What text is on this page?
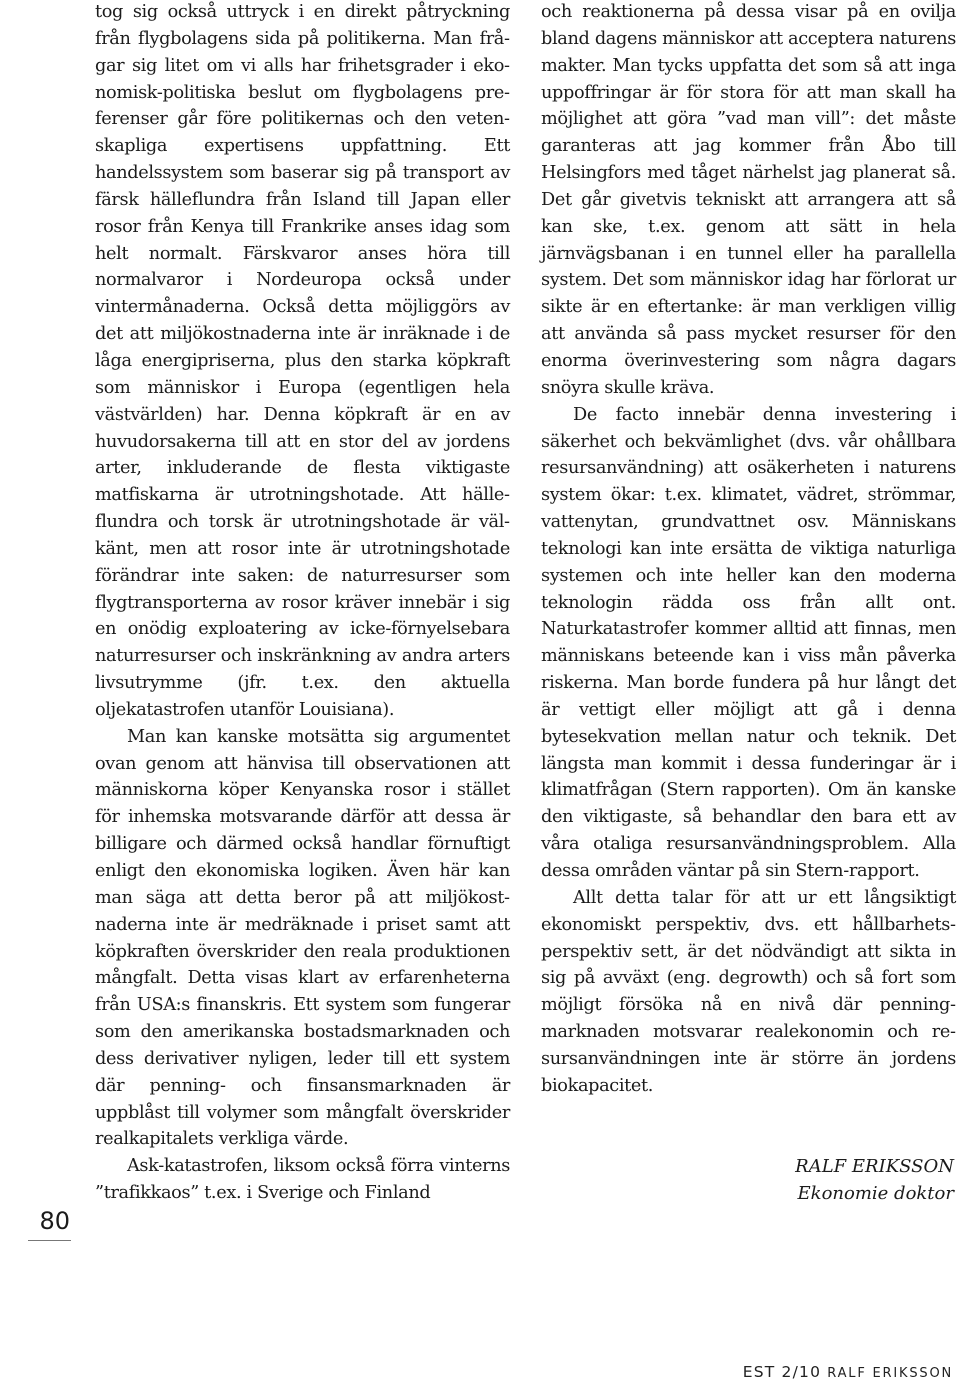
tog sig också uttryck i en direkt påtryckning från flygbolagens sida på politikerna. Man frågar sig litet om vi alls har frihetsgrader i ekonomisk-politiska beslut om flygbolagens preferenser går före politikernas och den vetenskapliga expertisens uppfattning. Ett handelssystem som baserar sig på transport av färsk hälleflundra från Island till Japan eller rosor från Kenya till Frankrike anses idag som helt normalt. Färskvaror anses höra till normalvaror i Nordeuropa också under vintermånaderna. Också detta möjliggörs av det att miljökostnaderna inte är inräknade i de låga energipriserna, plus den starka köpkraft som människor i Europa (egentligen hela västvärlden) har. Denna köpkraft är en av huvudorsakerna till att en stor del av jordens arter, inkluderande de flesta viktigaste matfiskarna är utrotningshotade. Att hälleflundra och torsk är utrotningshotade är välkänt, men att rosor inte är utrotningshotade förändrar inte saken: de naturresurser som flygtransporterna av rosor kräver innebär i sig en onödig exploatering av icke-förnyelsebara naturresurser och inskränkning av andra arters livsutrymme (jfr. t.ex. den aktuella oljekatastrofen utanför Louisiana).

Man kan kanske motsätta sig argumentet ovan genom att hänvisa till observationen att människorna köper Kenyanska rosor i stället för inhemska motsvarande därför att dessa är billigare och därmed också handlar förnuftigt enligt den ekonomiska logiken. Även här kan man säga att detta beror på att miljökostnaderna inte är medräknade i priset samt att köpkraften överskrider den reala produktionen mångfalt. Detta visas klart av erfarenheterna från USA:s finanskris. Ett system som fungerar som den amerikanska bostadsmarknaden och dess derivativer nyligen, leder till ett system där penning- och finsansmarknaden är uppblåst till volymer som mångfalt överskrider realkapitalets verkliga värde.

Ask-katastrofen, liksom också förra vinterns ”trafikkaos” t.ex. i Sverige och Finland

och reaktionerna på dessa visar på en ovilja bland dagens människor att acceptera naturens makter. Man tycks uppfatta det som så att inga uppoffringar är för stora för att man skall ha möjlighet att göra ”vad man vill”: det måste garanteras att jag kommer från Åbo till Helsingfors med tåget närhelst jag planerat så. Det går givetvis tekniskt att arrangera att så kan ske, t.ex. genom att sätt in hela järnvägsbanan i en tunnel eller ha parallella system. Det som människor idag har förlorat ur sikte är en eftertanke: är man verkligen villig att använda så pass mycket resurser för den enorma överinvestering som några dagars snöyra skulle kräva.

De facto innebär denna investering i säkerhet och bekvämlighet (dvs. vår ohållbara resursanvändning) att osäkerheten i naturens system ökar: t.ex. klimatet, vädret, strömmar, vattenytan, grundvattnet osv. Människans teknologi kan inte ersätta de viktiga naturliga systemen och inte heller kan den moderna teknologin rädda oss från allt ont. Naturkatastrofer kommer alltid att finnas, men människans beteende kan i viss mån påverka riskerna. Man borde fundera på hur långt det är vettigt eller möjligt att gå i denna bytesekvation mellan natur och teknik. Det längsta man kommit i dessa funderingar är i klimatfrågan (Stern rapporten). Om än kanske den viktigaste, så behandlar den bara ett av våra otaliga resursanvändningsproblem. Alla dessa områden väntar på sin Stern-rapport.

Allt detta talar för att ur ett långsiktigt ekonomiskt perspektiv, dvs. ett hållbarhetsperspektiv sett, är det nödvändigt att sikta in sig på avväxt (eng. degrowth) och så fort som möjligt försöka nå en nivå där penningmarknaden motsvarar realekonomin och resursanvändningen inte är större än jordens biokapacitet.

RALF ERIKSSON
Ekonomie doktor
80
EST 2/10 RALF ERIKSSON
